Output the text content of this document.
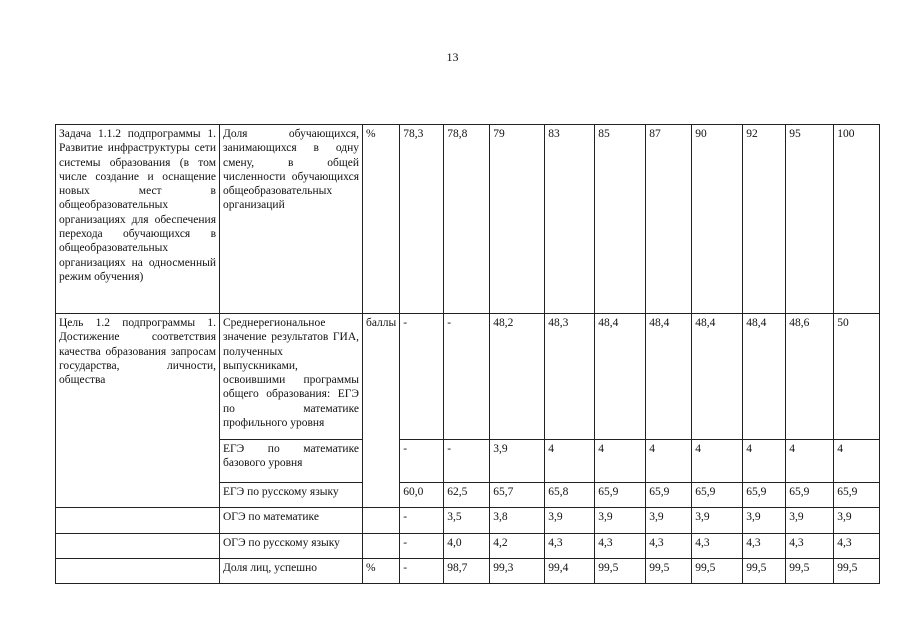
13
Задача 1.1.2 подпрограммы 1. Развитие инфраструктуры сети системы образования (в том числе создание и оснащение новых мест в общеобразовательных организациях для обеспечения перехода обучающихся в общеобразовательных организациях на односменный режим обучения)	Доля обучающихся, занимающихся в одну смену, в общей численности обучающихся общеобразовательных организаций	%	78,3	78,8	79	83	85	87	90	92	95	100
Цель 1.2 подпрограммы 1. Достижение соответствия качества образования запросам государства, личности, общества	Среднерегиональное значение результатов ГИА, полученных выпускниками, освоившими программы общего образования: ЕГЭ по математике профильного уровня	баллы	-	-	48,2	48,3	48,4	48,4	48,4	48,4	48,6	50
	ЕГЭ по математике базового уровня		-	-	3,9	4	4	4	4	4	4	4
	ЕГЭ по русскому языку		60,0	62,5	65,7	65,8	65,9	65,9	65,9	65,9	65,9	65,9
	ОГЭ по математике		-	3,5	3,8	3,9	3,9	3,9	3,9	3,9	3,9	3,9
	ОГЭ по русскому языку		-	4,0	4,2	4,3	4,3	4,3	4,3	4,3	4,3	4,3
	Доля лиц, успешно	%	-	98,7	99,3	99,4	99,5	99,5	99,5	99,5	99,5	99,5
